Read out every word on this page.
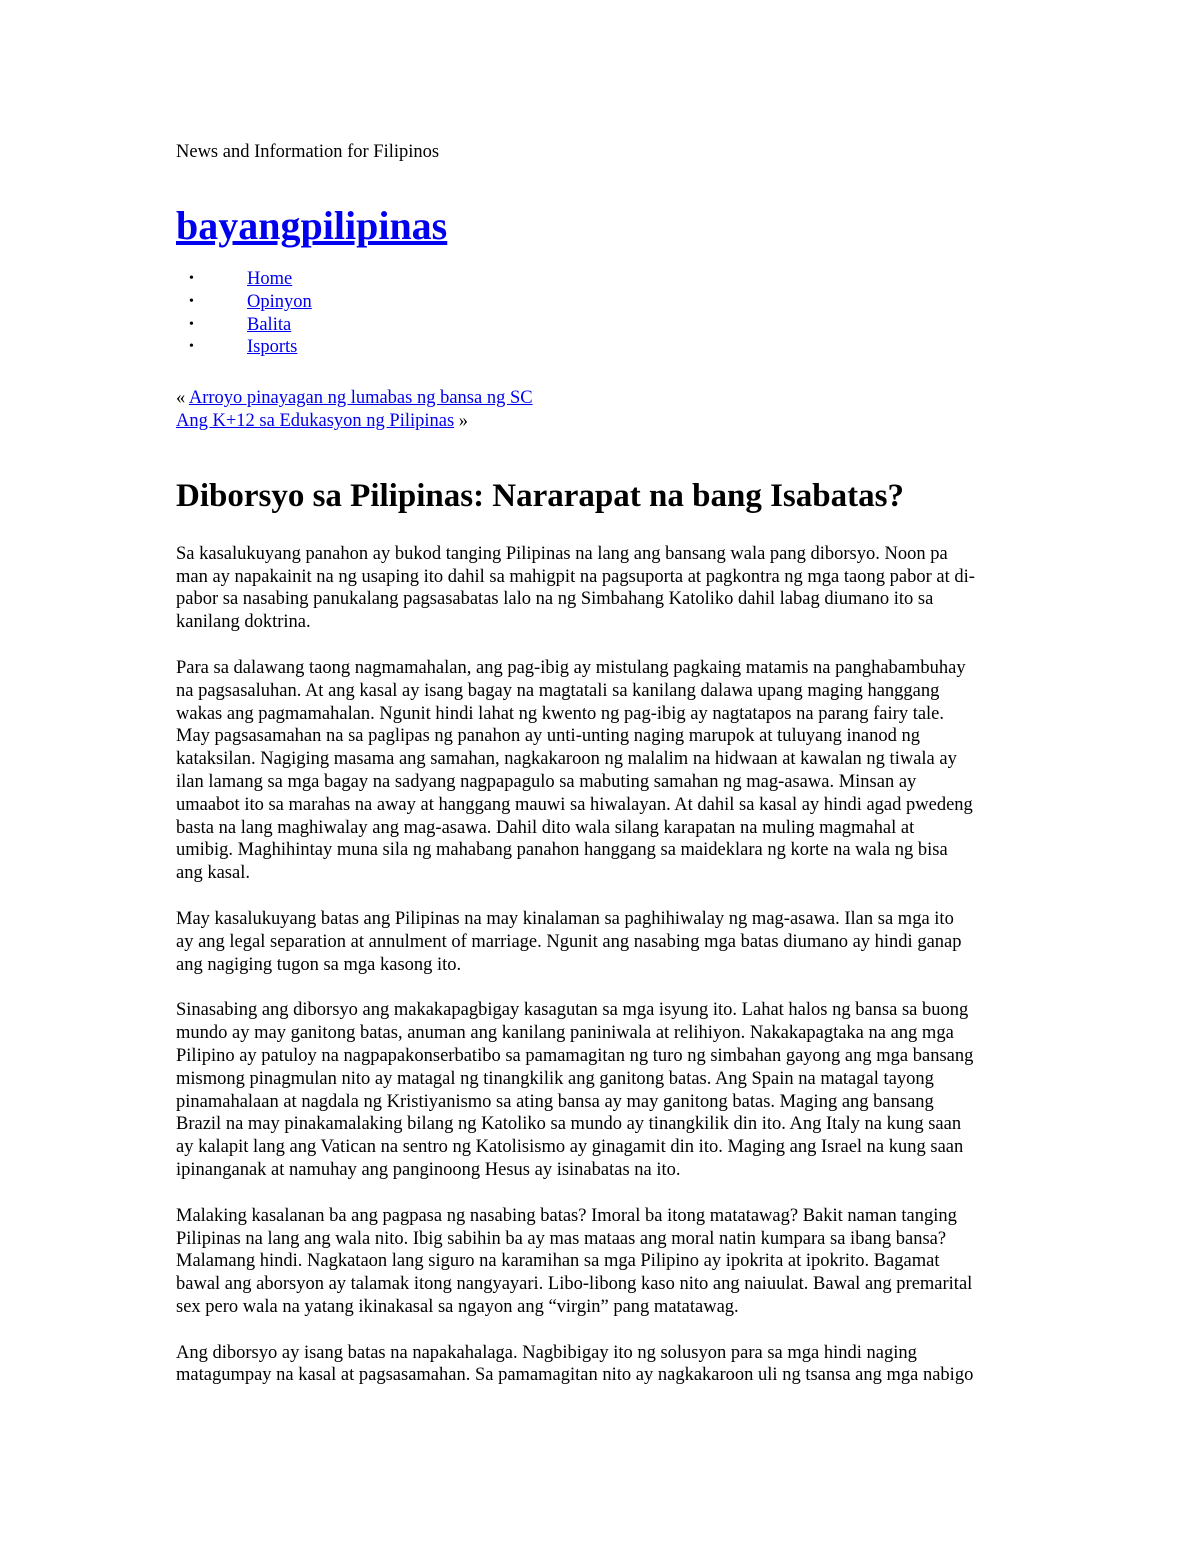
News and Information for Filipinos

bayangpilipinas
•	Home
•	Opinyon
•	Balita
•	Isports
« Arroyo pinayagan ng lumabas ng bansa ng SC
Ang K+12 sa Edukasyon ng Pilipinas »
Diborsyo sa Pilipinas: Nararapat na bang Isabatas?

Sa kasalukuyang panahon ay bukod tanging Pilipinas na lang ang bansang wala pang diborsyo. Noon pa
man ay napakainit na ng usaping ito dahil sa mahigpit na pagsuporta at pagkontra ng mga taong pabor at di-
pabor sa nasabing panukalang pagsasabatas lalo na ng Simbahang Katoliko dahil labag diumano ito sa
kanilang doktrina.

Para sa dalawang taong nagmamahalan, ang pag-ibig ay mistulang pagkaing matamis na panghabambuhay
na pagsasaluhan. At ang kasal ay isang bagay na magtatali sa kanilang dalawa upang maging hanggang
wakas ang pagmamahalan. Ngunit hindi lahat ng kwento ng pag-ibig ay nagtatapos na parang fairy tale.
May pagsasamahan na sa paglipas ng panahon ay unti-unting naging marupok at tuluyang inanod ng
kataksilan. Nagiging masama ang samahan, nagkakaroon ng malalim na hidwaan at kawalan ng tiwala ay
ilan lamang sa mga bagay na sadyang nagpapagulo sa mabuting samahan ng mag-asawa. Minsan ay
umaabot ito sa marahas na away at hanggang mauwi sa hiwalayan. At dahil sa kasal ay hindi agad pwedeng
basta na lang maghiwalay ang mag-asawa. Dahil dito wala silang karapatan na muling magmahal at
umibig. Maghihintay muna sila ng mahabang panahon hanggang sa maideklara ng korte na wala ng bisa
ang kasal.

May kasalukuyang batas ang Pilipinas na may kinalaman sa paghihiwalay ng mag-asawa. Ilan sa mga ito
ay ang legal separation at annulment of marriage. Ngunit ang nasabing mga batas diumano ay hindi ganap
ang nagiging tugon sa mga kasong ito.

Sinasabing ang diborsyo ang makakapagbigay kasagutan sa mga isyung ito. Lahat halos ng bansa sa buong
mundo ay may ganitong batas, anuman ang kanilang paniniwala at relihiyon. Nakakapagtaka na ang mga
Pilipino ay patuloy na nagpapakonserbatibo sa pamamagitan ng turo ng simbahan gayong ang mga bansang
mismong pinagmulan nito ay matagal ng tinangkilik ang ganitong batas. Ang Spain na matagal tayong
pinamahalaan at nagdala ng Kristiyanismo sa ating bansa ay may ganitong batas. Maging ang bansang
Brazil na may pinakamalaking bilang ng Katoliko sa mundo ay tinangkilik din ito. Ang Italy na kung saan
ay kalapit lang ang Vatican na sentro ng Katolisismo ay ginagamit din ito. Maging ang Israel na kung saan
ipinanganak at namuhay ang panginoong Hesus ay isinabatas na ito.

Malaking kasalanan ba ang pagpasa ng nasabing batas? Imoral ba itong matatawag? Bakit naman tanging
Pilipinas na lang ang wala nito. Ibig sabihin ba ay mas mataas ang moral natin kumpara sa ibang bansa?
Malamang hindi. Nagkataon lang siguro na karamihan sa mga Pilipino ay ipokrita at ipokrito. Bagamat
bawal ang aborsyon ay talamak itong nangyayari. Libo-libong kaso nito ang naiuulat. Bawal ang premarital
sex pero wala na yatang ikinakasal sa ngayon ang “virgin” pang matatawag.

Ang diborsyo ay isang batas na napakahalaga. Nagbibigay ito ng solusyon para sa mga hindi naging
matagumpay na kasal at pagsasamahan. Sa pamamagitan nito ay nagkakaroon uli ng tsansa ang mga nabigo
